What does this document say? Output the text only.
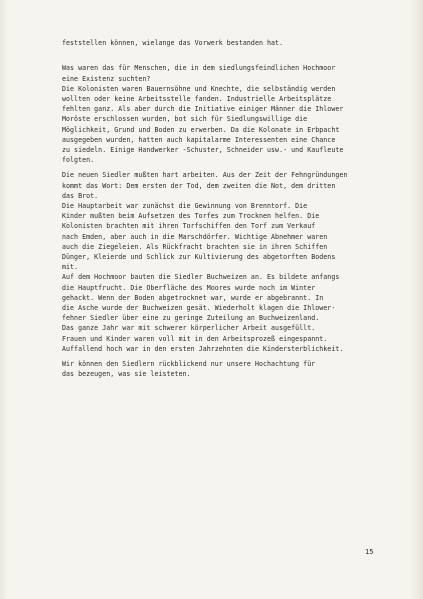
feststellen können, wielange das Vorwerk bestanden hat.
Was waren das für Menschen, die in dem siedlungsfeindlichen Hochmoor
eine Existenz suchten?
Die Kolonisten waren Bauernsöhne und Knechte, die selbständig werden
wollten oder keine Arbeitsstelle fanden. Industrielle Arbeitsplätze
fehlten ganz. Als aber durch die Initiative einiger Männer die Ihlower
Moröste erschlossen wurden, bot sich für Siedlungswillige die
Möglichkeit, Grund und Boden zu erwerben. Da die Kolonate in Erbpacht
ausgegeben wurden, hatten auch kapitalarme Interessenten eine Chance
zu siedeln. Einige Handwerker -Schuster, Schneider usw.- und Kaufleute
folgten.
Die neuen Siedler mußten hart arbeiten. Aus der Zeit der Fehngründungen
kommt das Wort: Dem ersten der Tod, dem zweiten die Not, dem dritten
das Brot.
Die Hauptarbeit war zunächst die Gewinnung von Brenntorf. Die
Kinder mußten beim Aufsetzen des Torfes zum Trocknen helfen. Die
Kolonisten brachten mit ihren Torfschiffen den Torf zum Verkauf
nach Emden, aber auch in die Marschdörfer. Wichtige Abnehmer waren
auch die Ziegeleien. Als Rückfracht brachten sie in ihren Schiffen
Dünger, Kleierde und Schlick zur Kultivierung des abgetorften Bodens
mit.
Auf dem Hochmoor bauten die Siedler Buchweizen an. Es bildete anfangs
die Hauptfrucht. Die Oberfläche des Moores wurde noch im Winter
gehackt. Wenn der Boden abgetrocknet war, wurde er abgebrannt. In
die Asche wurde der Buchweizen gesät. Wiederholt klagen die Ihlower-
fehner Siedler über eine zu geringe Zuteilung an Buchweizenland.
Das ganze Jahr war mit schwerer körperlicher Arbeit ausgefüllt.
Frauen und Kinder waren voll mit in den Arbeitsprozeß eingespannt.
Auffallend hoch war in den ersten Jahrzehnten die Kindersterblichkeit.
Wir können den Siedlern rückblickend nur unsere Hochachtung für
das bezeugen, was sie leisteten.
15
